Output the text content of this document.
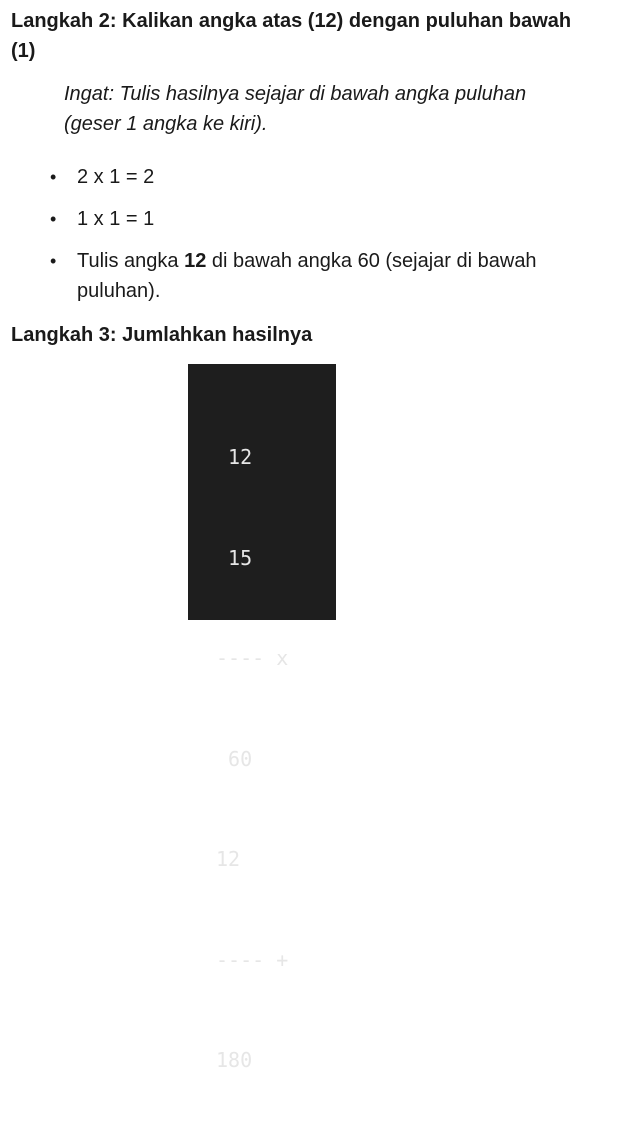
Langkah 2: Kalikan angka atas (12) dengan puluhan bawah (1)

Ingat: Tulis hasilnya sejajar di bawah angka puluhan (geser 1 angka ke kiri).

• 2 x 1 = 2
• 1 x 1 = 1
• Tulis angka 12 di bawah angka 60 (sejajar di bawah puluhan).
Langkah 3: Jumlahkan hasilnya

12

15

---- x

60

12

---- +

180
